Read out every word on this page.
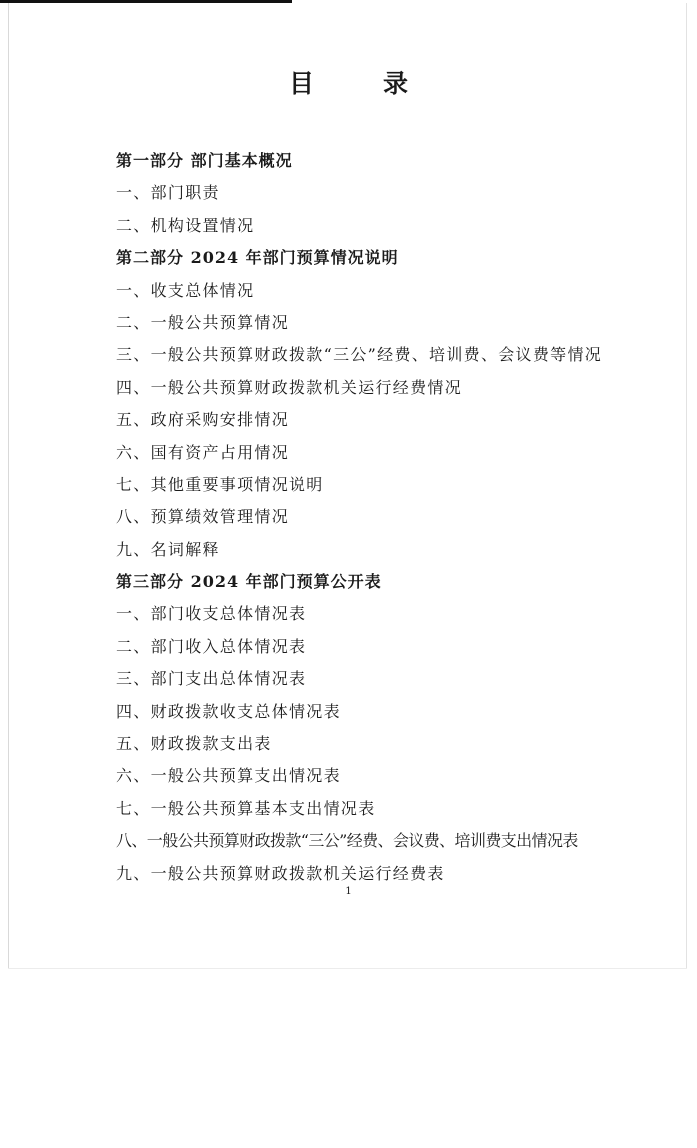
目　录
第一部分 部门基本概况
一、部门职责
二、机构设置情况
第二部分 2024 年部门预算情况说明
一、收支总体情况
二、一般公共预算情况
三、一般公共预算财政拨款“三公”经费、培训费、会议费等情况
四、一般公共预算财政拨款机关运行经费情况
五、政府采购安排情况
六、国有资产占用情况
七、其他重要事项情况说明
八、预算绩效管理情况
九、名词解释
第三部分 2024 年部门预算公开表
一、部门收支总体情况表
二、部门收入总体情况表
三、部门支出总体情况表
四、财政拨款收支总体情况表
五、财政拨款支出表
六、一般公共预算支出情况表
七、一般公共预算基本支出情况表
八、一般公共预算财政拨款“三公”经费、会议费、培训费支出情况表
九、一般公共预算财政拨款机关运行经费表
1
